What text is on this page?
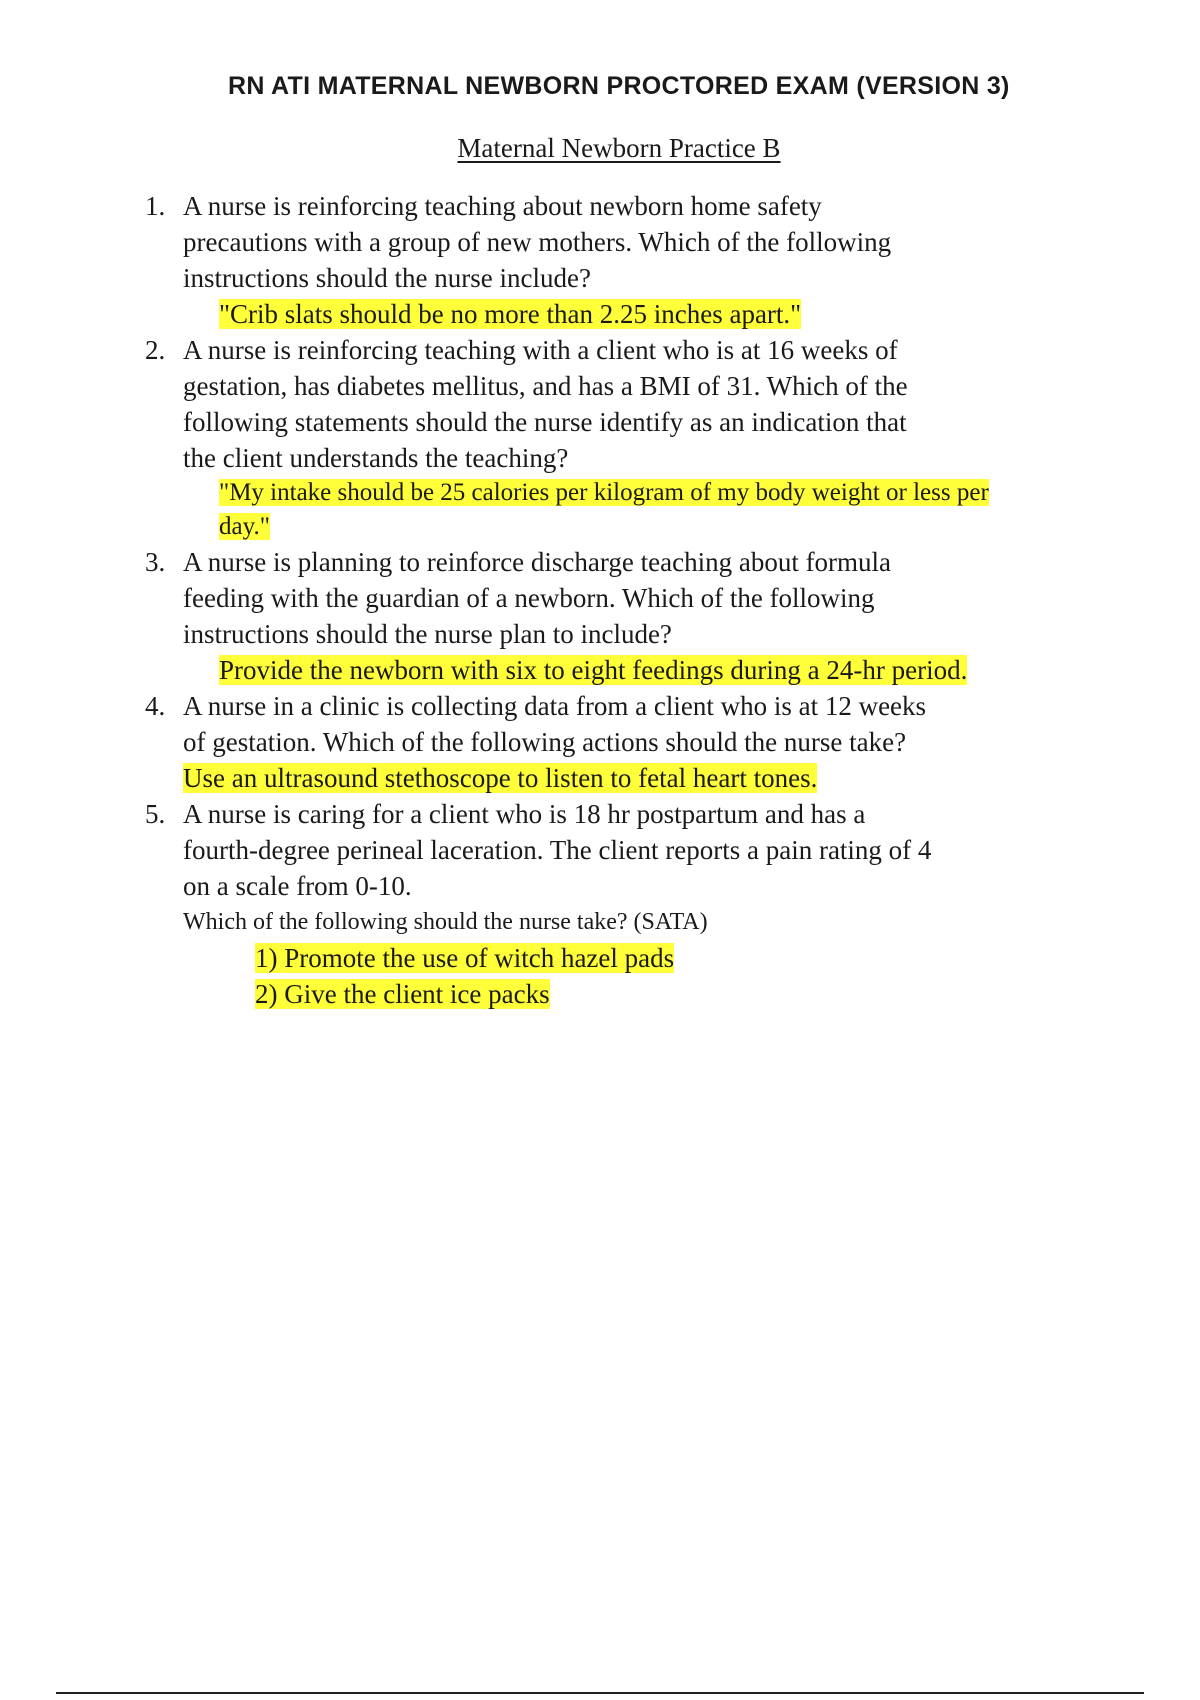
RN ATI MATERNAL NEWBORN PROCTORED EXAM (VERSION 3)
Maternal Newborn Practice B
1. A nurse is reinforcing teaching about newborn home safety precautions with a group of new mothers. Which of the following instructions should the nurse include?
"Crib slats should be no more than 2.25 inches apart."
2. A nurse is reinforcing teaching with a client who is at 16 weeks of gestation, has diabetes mellitus, and has a BMI of 31. Which of the following statements should the nurse identify as an indication that the client understands the teaching?
"My intake should be 25 calories per kilogram of my body weight or less per day."
3. A nurse is planning to reinforce discharge teaching about formula feeding with the guardian of a newborn. Which of the following instructions should the nurse plan to include?
Provide the newborn with six to eight feedings during a 24-hr period.
4. A nurse in a clinic is collecting data from a client who is at 12 weeks of gestation. Which of the following actions should the nurse take? Use an ultrasound stethoscope to listen to fetal heart tones.
5. A nurse is caring for a client who is 18 hr postpartum and has a fourth-degree perineal laceration. The client reports a pain rating of 4 on a scale from 0-10.
Which of the following should the nurse take? (SATA)
1) Promote the use of witch hazel pads
2) Give the client ice packs
